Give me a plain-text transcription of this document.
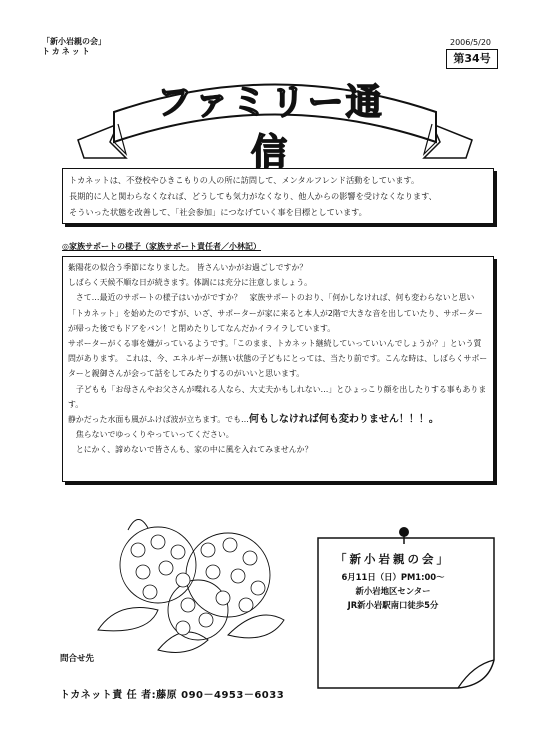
「新小岩親の会」
トカネット
2006/5/20
第34号
ファミリー通信
トカネットは、不登校やひきこもりの人の所に訪問して、メンタルフレンド活動をしています。
長期的に人と関わらなくなれば、どうしても気力がなくなり、他人からの影響を受けなくなります、
そういった状態を改善して、「社会参加」につなげていく事を目標としています。
◎家族サポートの様子（家族サポート責任者／小林記）

紫陽花の似合う季節になりました。 皆さんいかがお過ごしですか？

しばらく天候不順な日が続きます。体調には充分に注意しましょう。

　さて…最近のサポートの様子はいかがですか？　家族サポートのおり、「何かしなければ、何も変わらないと思い「トカネット」を始めたのですが、いざ、サポーターが家に来ると本人が2階で大きな音を出していたり、サポーターが帰った後でもドアをバン！と閉めたりしてなんだかイライラしています。

サポーターがくる事を嫌がっているようです。「このまま、トカネット継続していっていいんでしょうか？」という質問があります。 これは、今、エネルギーが無い状態の子どもにとっては、当たり前です。こんな時は、しばらくサポーターと親御さんが会って話をしてみたりするのがいいと思います。

　子どもも「お母さんやお父さんが喋れる人なら、大丈夫かもしれない…」とひょっこり顔を出したりする事もあります。

静かだった水面も風がふけば波が立ちます。でも…何もしなければ何も変わりません！！！。

　焦らないでゆっくりやっていってください。

　とにかく、諦めないで皆さんも、家の中に風を入れてみませんか？

「新小岩親の会」
6月11日（日）PM1:00～
新小岩地区センター
JR新小岩駅南口徒歩5分
問合せ先
トカネット責 任 者:藤原 090－4953－6033
